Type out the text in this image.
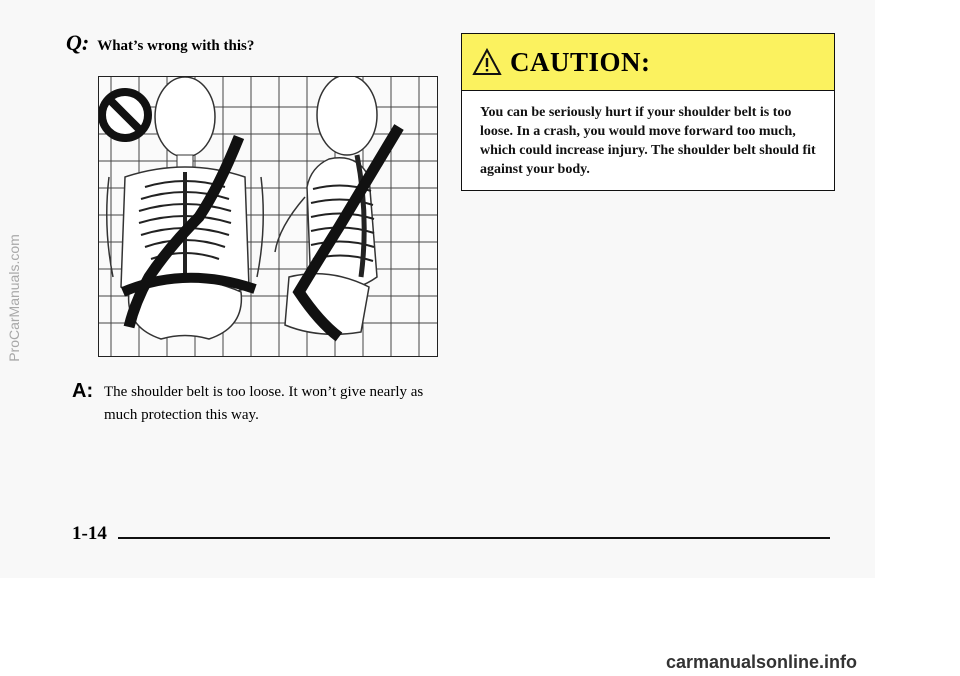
Q: What’s wrong with this?
A: The shoulder belt is too loose. It won’t give nearly as much protection this way.
CAUTION:
You can be seriously hurt if your shoulder belt is too loose. In a crash, you would move forward too much, which could increase injury. The shoulder belt should fit against your body.
1-14
ProCarManuals.com
carmanualsonline.info
